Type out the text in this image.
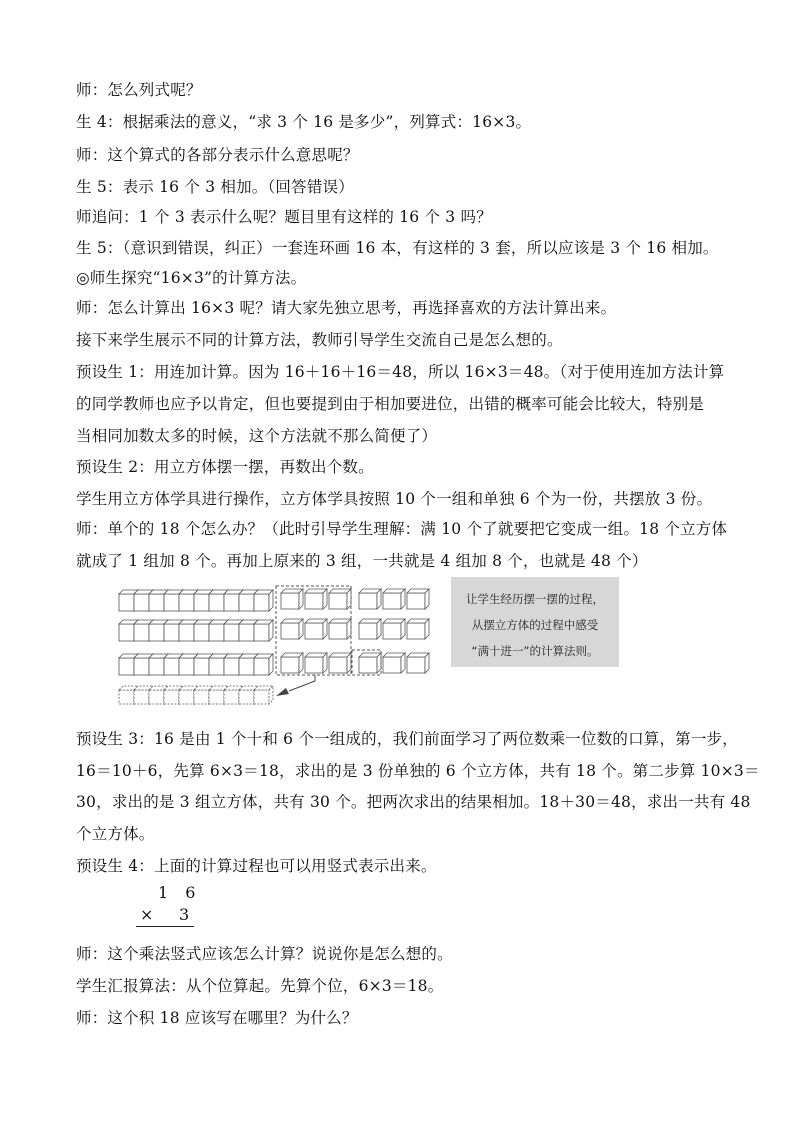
师：怎么列式呢？
生 4：根据乘法的意义，“求 3 个 16 是多少”，列算式：16×3。
师：这个算式的各部分表示什么意思呢？
生 5：表示 16 个 3 相加。（回答错误）
师追问：1 个 3 表示什么呢？题目里有这样的 16 个 3 吗？
生 5：（意识到错误，纠正）一套连环画 16 本，有这样的 3 套，所以应该是 3 个 16 相加。
◎师生探究“16×3”的计算方法。
师：怎么计算出 16×3 呢？请大家先独立思考，再选择喜欢的方法计算出来。
接下来学生展示不同的计算方法，教师引导学生交流自己是怎么想的。
预设生 1：用连加计算。因为 16＋16＋16＝48，所以 16×3＝48。（对于使用连加方法计算
的同学教师也应予以肯定，但也要提到由于相加要进位，出错的概率可能会比较大，特别是
当相同加数太多的时候，这个方法就不那么简便了）
预设生 2：用立方体摆一摆，再数出个数。
学生用立方体学具进行操作，立方体学具按照 10 个一组和单独 6 个为一份，共摆放 3 份。
师：单个的 18 个怎么办？（此时引导学生理解：满 10 个了就要把它变成一组。18 个立方体
就成了 1 组加 8 个。再加上原来的 3 组，一共就是 4 组加 8 个，也就是 48 个）
让学生经历摆一摆的过程，
从摆立方体的过程中感受
“满十进一”的计算法则。
预设生 3：16 是由 1 个十和 6 个一组成的，我们前面学习了两位数乘一位数的口算，第一步，
16＝10＋6，先算 6×3＝18，求出的是 3 份单独的 6 个立方体，共有 18 个。第二步算 10×3＝
30，求出的是 3 组立方体，共有 30 个。把两次求出的结果相加。18＋30＝48，求出一共有 48
个立方体。
预设生 4：上面的计算过程也可以用竖式表示出来。
1 6
× 3
师：这个乘法竖式应该怎么计算？说说你是怎么想的。
学生汇报算法：从个位算起。先算个位，6×3＝18。
师：这个积 18 应该写在哪里？为什么？
